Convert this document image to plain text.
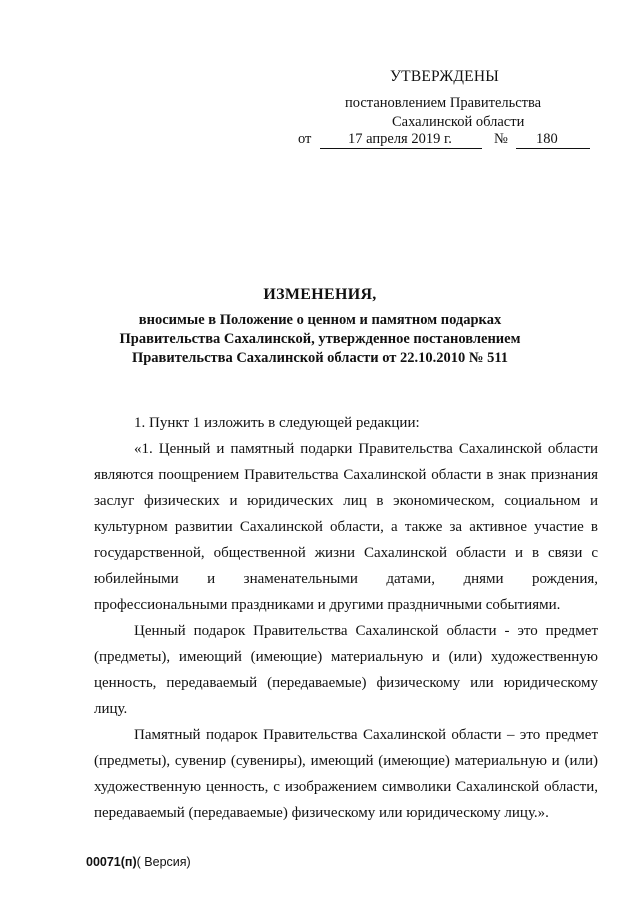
УТВЕРЖДЕНЫ
постановлением Правительства
Сахалинской области
от	17 апреля 2019 г.	№ 180
ИЗМЕНЕНИЯ,
вносимые в Положение о ценном и памятном подарках
Правительства Сахалинской, утвержденное постановлением
Правительства Сахалинской области от 22.10.2010 № 511
1. Пункт 1 изложить в следующей редакции:
«1. Ценный и памятный подарки Правительства Сахалинской области
являются поощрением Правительства Сахалинской области в знак признания
заслуг физических и юридических лиц в экономическом, социальном и
культурном развитии Сахалинской области, а также за активное участие в
государственной, общественной жизни Сахалинской области и в связи с
юбилейными и знаменательными датами, днями рождения,
профессиональными праздниками и другими праздничными событиями.
Ценный подарок Правительства Сахалинской области - это предмет
(предметы), имеющий (имеющие) материальную и (или) художественную
ценность, передаваемый (передаваемые) физическому или юридическому
лицу.
Памятный подарок Правительства Сахалинской области – это предмет
(предметы), сувенир (сувениры), имеющий (имеющие) материальную и (или)
художественную ценность, с изображением символики Сахалинской области,
передаваемый (передаваемые) физическому или юридическому лицу.».
00071(п)( Версия)
